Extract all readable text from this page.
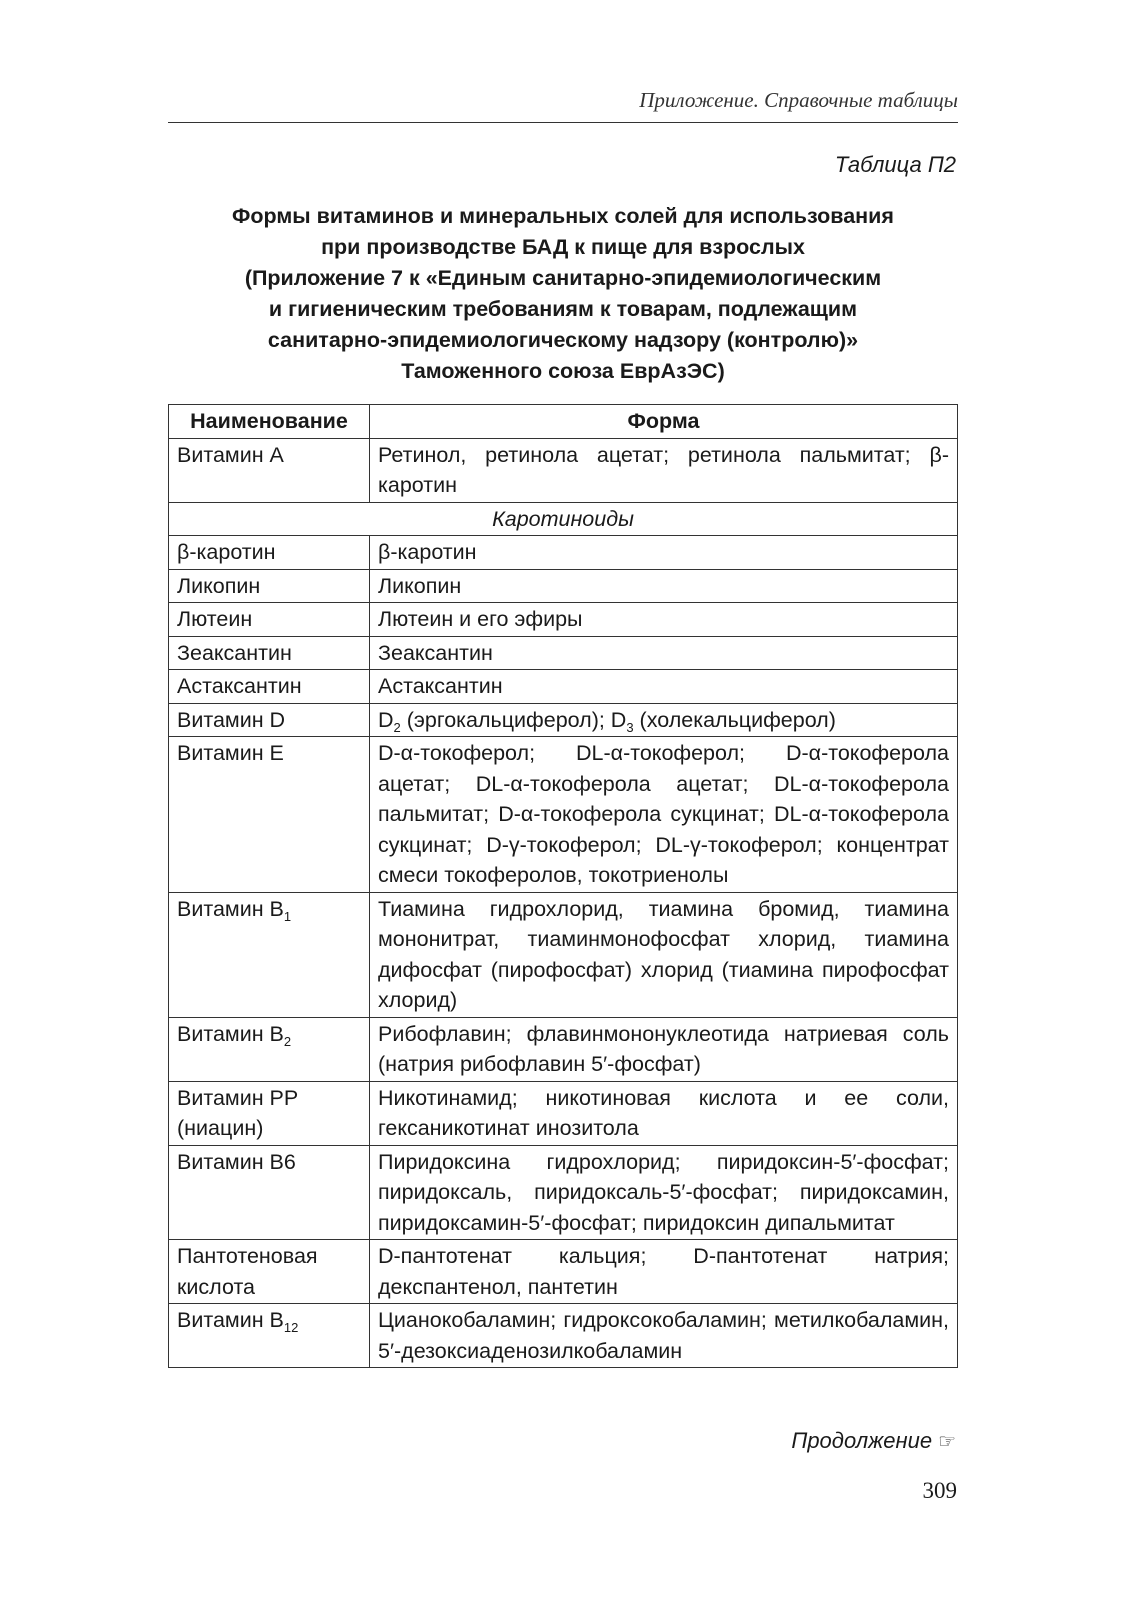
Приложение. Справочные таблицы
Таблица П2
Формы витаминов и минеральных солей для использования
при производстве БАД к пище для взрослых
(Приложение 7 к «Единым санитарно-эпидемиологическим
и гигиеническим требованиям к товарам, подлежащим
санитарно-эпидемиологическому надзору (контролю)»
Таможенного союза ЕврАзЭС)
Наименование	Форма
Витамин А	Ретинол, ретинола ацетат; ретинола пальмитат; β-каротин
Каротиноиды	
β-каротин	β-каротин
Ликопин	Ликопин
Лютеин	Лютеин и его эфиры
Зеаксантин	Зеаксантин
Астаксантин	Астаксантин
Витамин D	$D_2$ (эргокальциферол); $D_3$ (холекальциферол)
Витамин Е	D-α-токоферол; DL-α-токоферол; D-α-токоферола ацетат; DL-α-токоферола ацетат; DL-α-токоферола пальмитат; D-α-токоферола сукцинат; DL-α-токоферола сукцинат; D-γ-токоферол; DL-γ-токоферол; концентрат смеси токоферолов, токотриенолы
Витамин $В_1$	Тиамина гидрохлорид, тиамина бромид, тиамина мононитрат, тиаминмонофосфат хлорид, тиамина дифосфат (пирофосфат) хлорид (тиамина пирофосфат хлорид)
Витамин $В_2$	Рибофлавин; флавинмононуклеотида натриевая соль (натрия рибофлавин 5′-фосфат)
Витамин РР (ниацин)	Никотинамид; никотиновая кислота и ее соли, гексаникотинат инозитола
Витамин В6	Пиридоксина гидрохлорид; пиридоксин-5′-фосфат; пиридоксаль, пиридоксаль-5′-фосфат; пиридоксамин, пиридоксамин-5′-фосфат; пиридоксин дипальмитат
Пантотеновая кислота	D-пантотенат кальция; D-пантотенат натрия; декспантенол, пантетин
Витамин $В_{12}$	Цианокобаламин; гидроксокобаламин; метилкобаламин, 5′-дезоксиаденозилкобаламин
Продолжение ☞
309
